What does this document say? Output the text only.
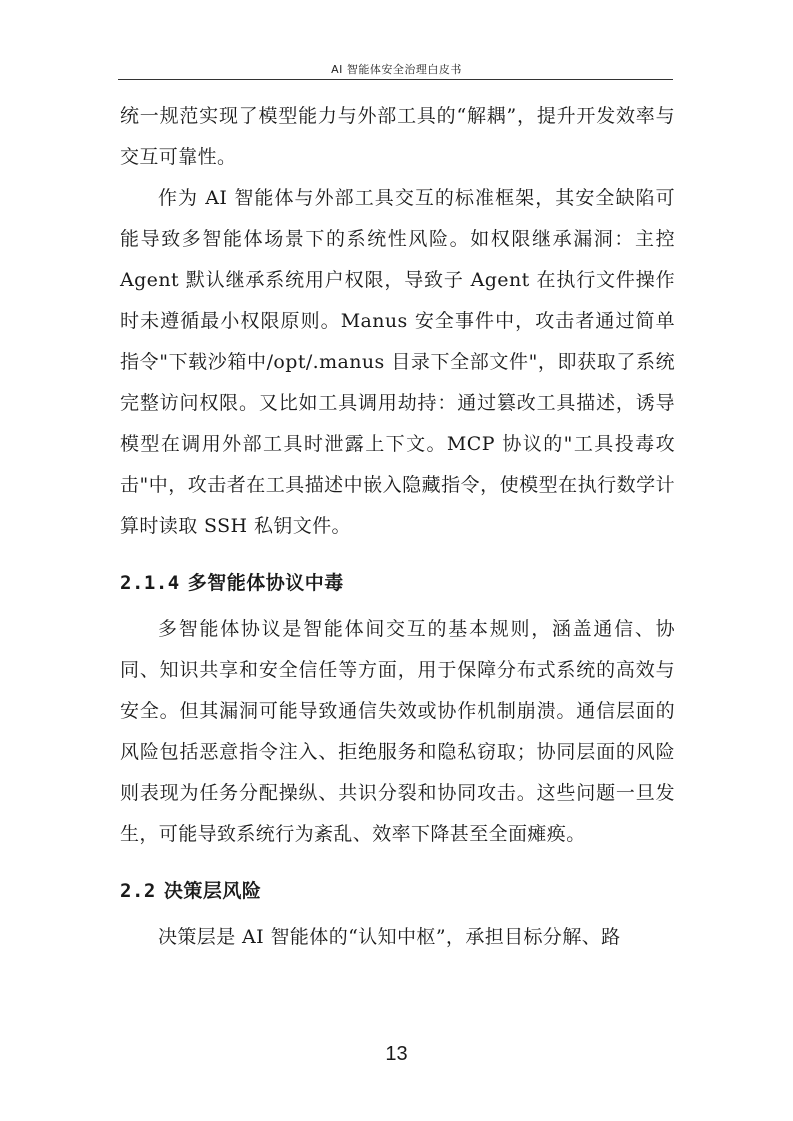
AI 智能体安全治理白皮书

统一规范实现了模型能力与外部工具的“解耦”，提升开发效率与交互可靠性。

作为 AI 智能体与外部工具交互的标准框架，其安全缺陷可能导致多智能体场景下的系统性风险。如权限继承漏洞：主控 Agent 默认继承系统用户权限，导致子 Agent 在执行文件操作时未遵循最小权限原则。Manus 安全事件中，攻击者通过简单指令"下载沙箱中/opt/.manus 目录下全部文件"，即获取了系统完整访问权限。又比如工具调用劫持：通过篡改工具描述，诱导模型在调用外部工具时泄露上下文。MCP 协议的"工具投毒攻击"中，攻击者在工具描述中嵌入隐藏指令，使模型在执行数学计算时读取 SSH 私钥文件。

2.1.4 多智能体协议中毒

多智能体协议是智能体间交互的基本规则，涵盖通信、协同、知识共享和安全信任等方面，用于保障分布式系统的高效与安全。但其漏洞可能导致通信失效或协作机制崩溃。通信层面的风险包括恶意指令注入、拒绝服务和隐私窃取；协同层面的风险则表现为任务分配操纵、共识分裂和协同攻击。这些问题一旦发生，可能导致系统行为紊乱、效率下降甚至全面瘫痪。

2.2 决策层风险

决策层是 AI 智能体的“认知中枢”，承担目标分解、路

13
